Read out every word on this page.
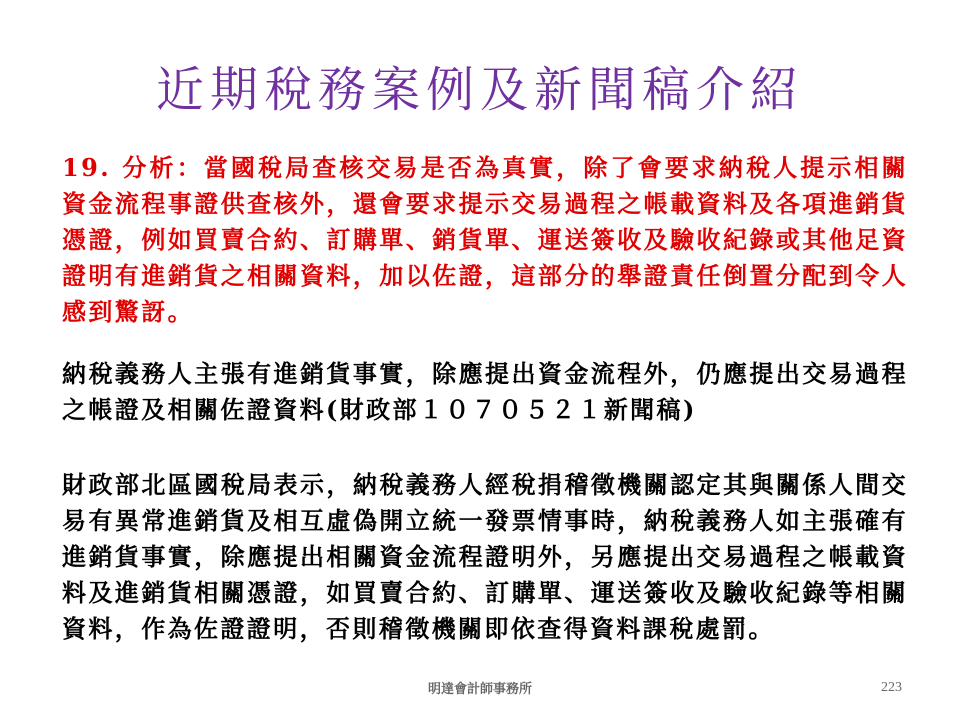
近期稅務案例及新聞稿介紹

19. 分析：當國稅局查核交易是否為真實，除了會要求納稅人提示相關資金流程事證供查核外，還會要求提示交易過程之帳載資料及各項進銷貨憑證，例如買賣合約、訂購單、銷貨單、運送簽收及驗收紀錄或其他足資證明有進銷貨之相關資料，加以佐證，這部分的舉證責任倒置分配到令人感到驚訝。

納稅義務人主張有進銷貨事實，除應提出資金流程外，仍應提出交易過程之帳證及相關佐證資料(財政部１０７０５２１新聞稿)

財政部北區國稅局表示，納稅義務人經稅捐稽徵機關認定其與關係人間交易有異常進銷貨及相互虛偽開立統一發票情事時，納稅義務人如主張確有進銷貨事實，除應提出相關資金流程證明外，另應提出交易過程之帳載資料及進銷貨相關憑證，如買賣合約、訂購單、運送簽收及驗收紀錄等相關資料，作為佐證證明，否則稽徵機關即依查得資料課稅處罰。

明達會計師事務所	223
